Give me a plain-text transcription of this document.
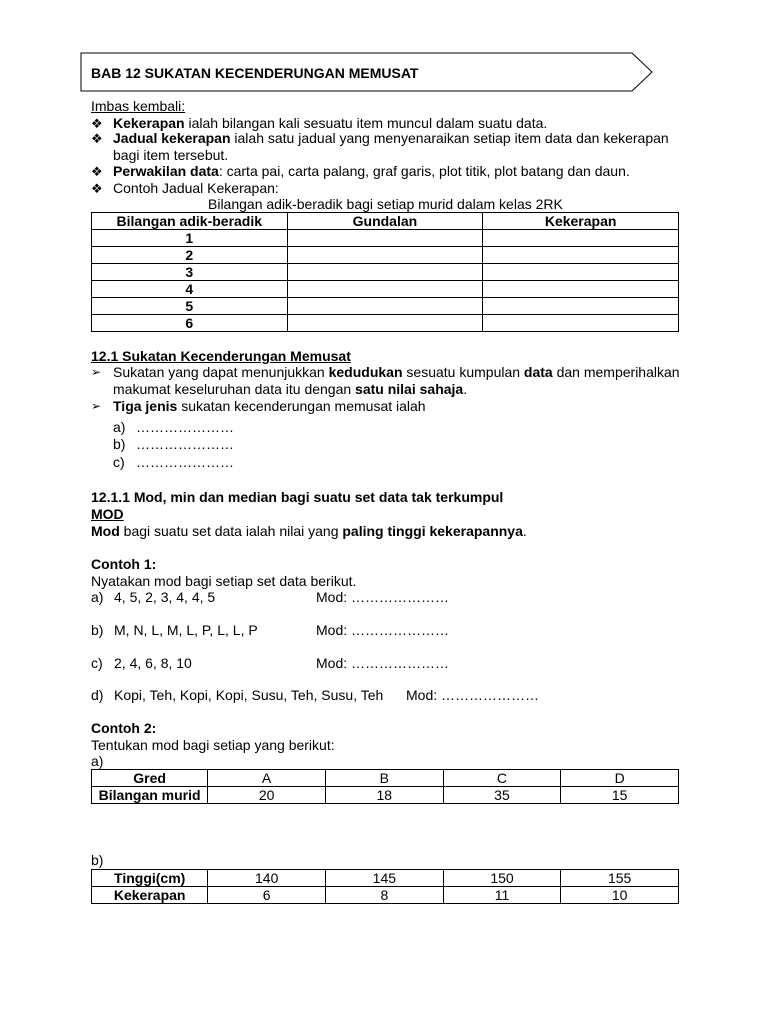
BAB 12 SUKATAN KECENDERUNGAN MEMUSAT
Imbas kembali:
❖ Kekerapan ialah bilangan kali sesuatu item muncul dalam suatu data.
❖ Jadual kekerapan ialah satu jadual yang menyenaraikan setiap item data dan kekerapan
bagi item tersebut.
❖ Perwakilan data: carta pai, carta palang, graf garis, plot titik, plot batang dan daun.
❖ Contoh Jadual Kekerapan:
Bilangan adik-beradik bagi setiap murid dalam kelas 2RK
Bilangan adik-beradik	Gundalan	Kekerapan
1		
2		
3		
4		
5		
6		
12.1 Sukatan Kecenderungan Memusat
➢ Sukatan yang dapat menunjukkan kedudukan sesuatu kumpulan data dan memperihalkan
makumat keseluruhan data itu dengan satu nilai sahaja.
➢ Tiga jenis sukatan kecenderungan memusat ialah
a) …………………
b) …………………
c) …………………
12.1.1 Mod, min dan median bagi suatu set data tak terkumpul
MOD
Mod bagi suatu set data ialah nilai yang paling tinggi kekerapannya.
Contoh 1:
Nyatakan mod bagi setiap set data berikut.
a) 4, 5, 2, 3, 4, 4, 5	Mod: …………………
b) M, N, L, M, L, P, L, L, P	Mod: …………………
c) 2, 4, 6, 8, 10	Mod: …………………
d) Kopi, Teh, Kopi, Kopi, Susu, Teh, Susu, Teh Mod: …………………
Contoh 2:
Tentukan mod bagi setiap yang berikut:
a)
Gred	A	B	C	D
Bilangan murid	20	18	35	15
b)
Tinggi(cm)	140	145	150	155
Kekerapan	6	8	11	10
